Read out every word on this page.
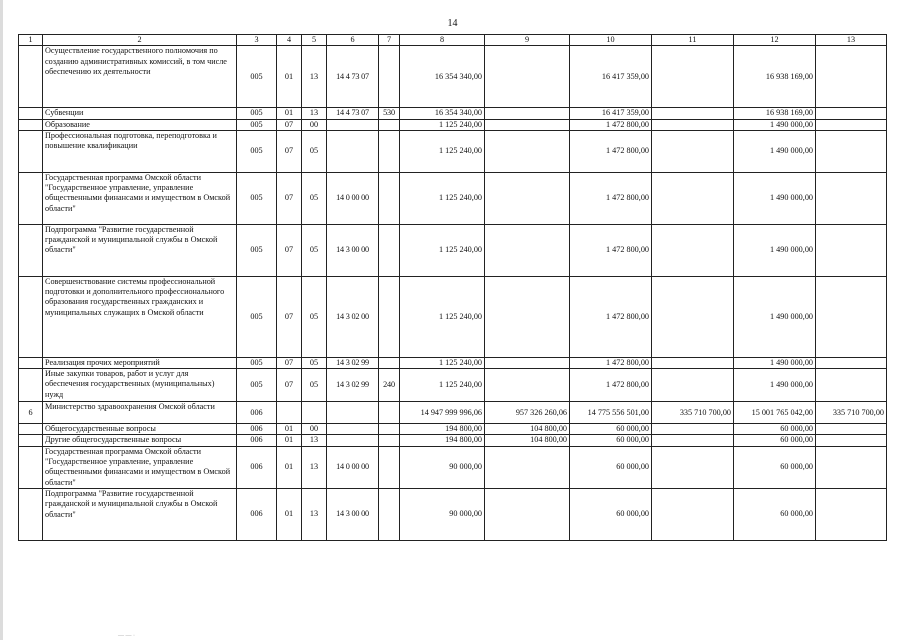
14
1	2	3	4	5	6	7	8	9	10	11	12	13
	Осуществление государственного полномочия по созданию административных комиссий, в том числе обеспечению их деятельности	005	01	13	14 4 73 07		16 354 340,00		16 417 359,00		16 938 169,00	
	Субвенции	005	01	13	14 4 73 07	530	16 354 340,00		16 417 359,00		16 938 169,00	
	Образование	005	07	00			1 125 240,00		1 472 800,00		1 490 000,00	
	Профессиональная подготовка, переподготовка и повышение квалификации	005	07	05			1 125 240,00		1 472 800,00		1 490 000,00	
	Государственная программа Омской области "Государственное управление, управление общественными финансами и имуществом в Омской области"	005	07	05	14 0 00 00		1 125 240,00		1 472 800,00		1 490 000,00	
	Подпрограмма "Развитие государственной гражданской и муниципальной службы в Омской области"	005	07	05	14 3 00 00		1 125 240,00		1 472 800,00		1 490 000,00	
	Совершенствование системы профессиональной подготовки и дополнительного профессионального образования государственных гражданских и муниципальных служащих в Омской области	005	07	05	14 3 02 00		1 125 240,00		1 472 800,00		1 490 000,00	
	Реализация прочих мероприятий	005	07	05	14 3 02 99		1 125 240,00		1 472 800,00		1 490 000,00	
	Иные закупки товаров, работ и услуг для обеспечения государственных (муниципальных) нужд	005	07	05	14 3 02 99	240	1 125 240,00		1 472 800,00		1 490 000,00	
6	Министерство здравоохранения Омской области	006					14 947 999 996,06	957 326 260,06	14 775 556 501,00	335 710 700,00	15 001 765 042,00	335 710 700,00
	Общегосударственные вопросы	006	01	00			194 800,00	104 800,00	60 000,00		60 000,00	
	Другие общегосударственные вопросы	006	01	13			194 800,00	104 800,00	60 000,00		60 000,00	
	Государственная программа Омской области "Государственное управление, управление общественными финансами и имуществом в Омской области"	006	01	13	14 0 00 00		90 000,00		60 000,00		60 000,00	
	Подпрограмма "Развитие государственной гражданской и муниципальной службы в Омской области"	006	01	13	14 3 00 00		90 000,00		60 000,00		60 000,00	
— — ·
